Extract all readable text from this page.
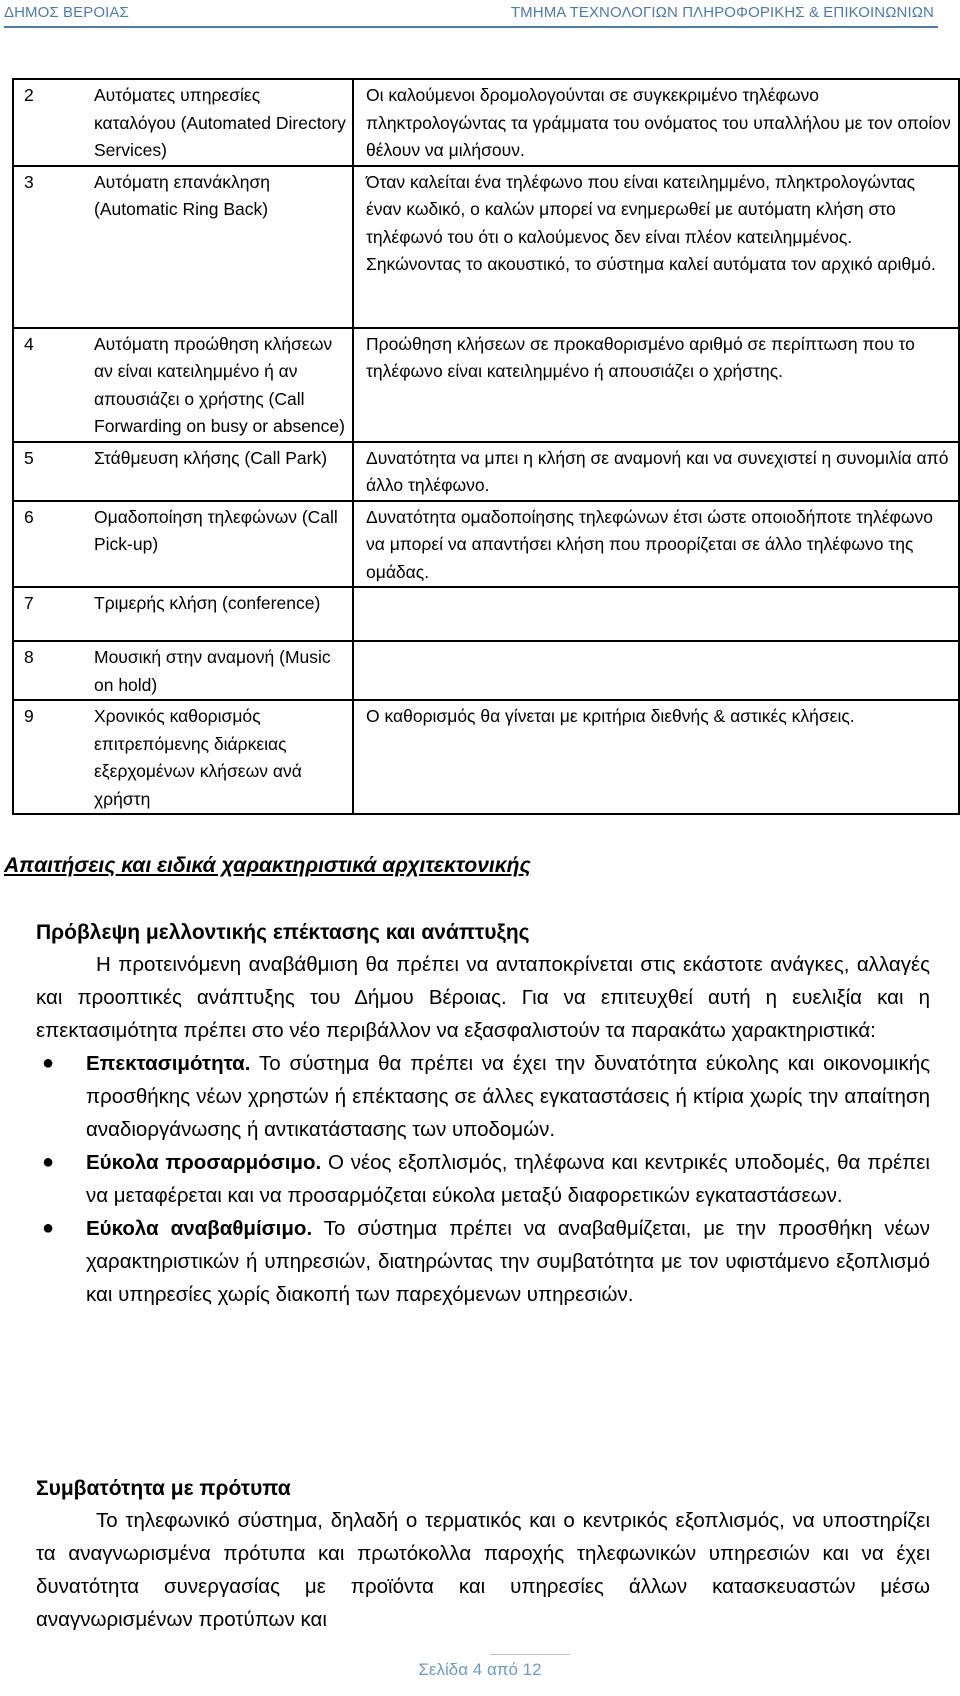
ΔΗΜΟΣ ΒΕΡΟΙΑΣ	ΤΜΗΜΑ ΤΕΧΝΟΛΟΓΙΩΝ ΠΛΗΡΟΦΟΡΙΚΗΣ & ΕΠΙΚΟΙΝΩΝΙΩΝ
2	Αυτόματες υπηρεσίες καταλόγου (Automated Directory Services)	Οι καλούμενοι δρομολογούνται σε συγκεκριμένο τηλέφωνο πληκτρολογώντας τα γράμματα του ονόματος του υπαλλήλου με τον οποίον θέλουν να μιλήσουν.
3	Αυτόματη επανάκληση (Automatic Ring Back)	Όταν καλείται ένα τηλέφωνο που είναι κατειλημμένο, πληκτρολογώντας έναν κωδικό, ο καλών μπορεί να ενημερωθεί με αυτόματη κλήση στο τηλέφωνό του ότι ο καλούμενος δεν είναι πλέον κατειλημμένος. Σηκώνοντας το ακουστικό, το σύστημα καλεί αυτόματα τον αρχικό αριθμό.
4	Αυτόματη προώθηση κλήσεων αν είναι κατειλημμένο ή αν απουσιάζει ο χρήστης (Call Forwarding on busy or absence)	Προώθηση κλήσεων σε προκαθορισμένο αριθμό σε περίπτωση που το τηλέφωνο είναι κατειλημμένο ή απουσιάζει ο χρήστης.
5	Στάθμευση κλήσης (Call Park)	Δυνατότητα να μπει η κλήση σε αναμονή και να συνεχιστεί η συνομιλία από άλλο τηλέφωνο.
6	Ομαδοποίηση τηλεφώνων (Call Pick-up)	Δυνατότητα ομαδοποίησης τηλεφώνων έτσι ώστε οποιοδήποτε τηλέφωνο να μπορεί να απαντήσει κλήση που προορίζεται σε άλλο τηλέφωνο της ομάδας.
7	Τριμερής κλήση (conference)	
8	Μουσική στην αναμονή (Music on hold)	
9	Χρονικός καθορισμός επιτρεπόμενης διάρκειας εξερχομένων κλήσεων ανά χρήστη	Ο καθορισμός θα γίνεται με κριτήρια διεθνής & αστικές κλήσεις.
Απαιτήσεις και ειδικά χαρακτηριστικά αρχιτεκτονικής
Πρόβλεψη μελλοντικής επέκτασης και ανάπτυξης

Η προτεινόμενη αναβάθμιση θα πρέπει να ανταποκρίνεται στις εκάστοτε ανάγκες, αλλαγές και προοπτικές ανάπτυξης του Δήμου Βέροιας. Για να επιτευχθεί αυτή η ευελιξία και η επεκτασιμότητα πρέπει στο νέο περιβάλλον να εξασφαλιστούν τα παρακάτω χαρακτηριστικά:

● Επεκτασιμότητα. Το σύστημα θα πρέπει να έχει την δυνατότητα εύκολης και οικονομικής προσθήκης νέων χρηστών ή επέκτασης σε άλλες εγκαταστάσεις ή κτίρια χωρίς την απαίτηση αναδιοργάνωσης ή αντικατάστασης των υποδομών.
● Εύκολα προσαρμόσιμο. Ο νέος εξοπλισμός, τηλέφωνα και κεντρικές υποδομές, θα πρέπει να μεταφέρεται και να προσαρμόζεται εύκολα μεταξύ διαφορετικών εγκαταστάσεων.
● Εύκολα αναβαθμίσιμο. Το σύστημα πρέπει να αναβαθμίζεται, με την προσθήκη νέων χαρακτηριστικών ή υπηρεσιών, διατηρώντας την συμβατότητα με τον υφιστάμενο εξοπλισμό και υπηρεσίες χωρίς διακοπή των παρεχόμενων υπηρεσιών.
Συμβατότητα με πρότυπα

Το τηλεφωνικό σύστημα, δηλαδή ο τερματικός και ο κεντρικός εξοπλισμός, να υποστηρίζει τα αναγνωρισμένα πρότυπα και πρωτόκολλα παροχής τηλεφωνικών υπηρεσιών και να έχει δυνατότητα συνεργασίας με προϊόντα και υπηρεσίες άλλων κατασκευαστών μέσω αναγνωρισμένων προτύπων και

Σελίδα 4 από 12
